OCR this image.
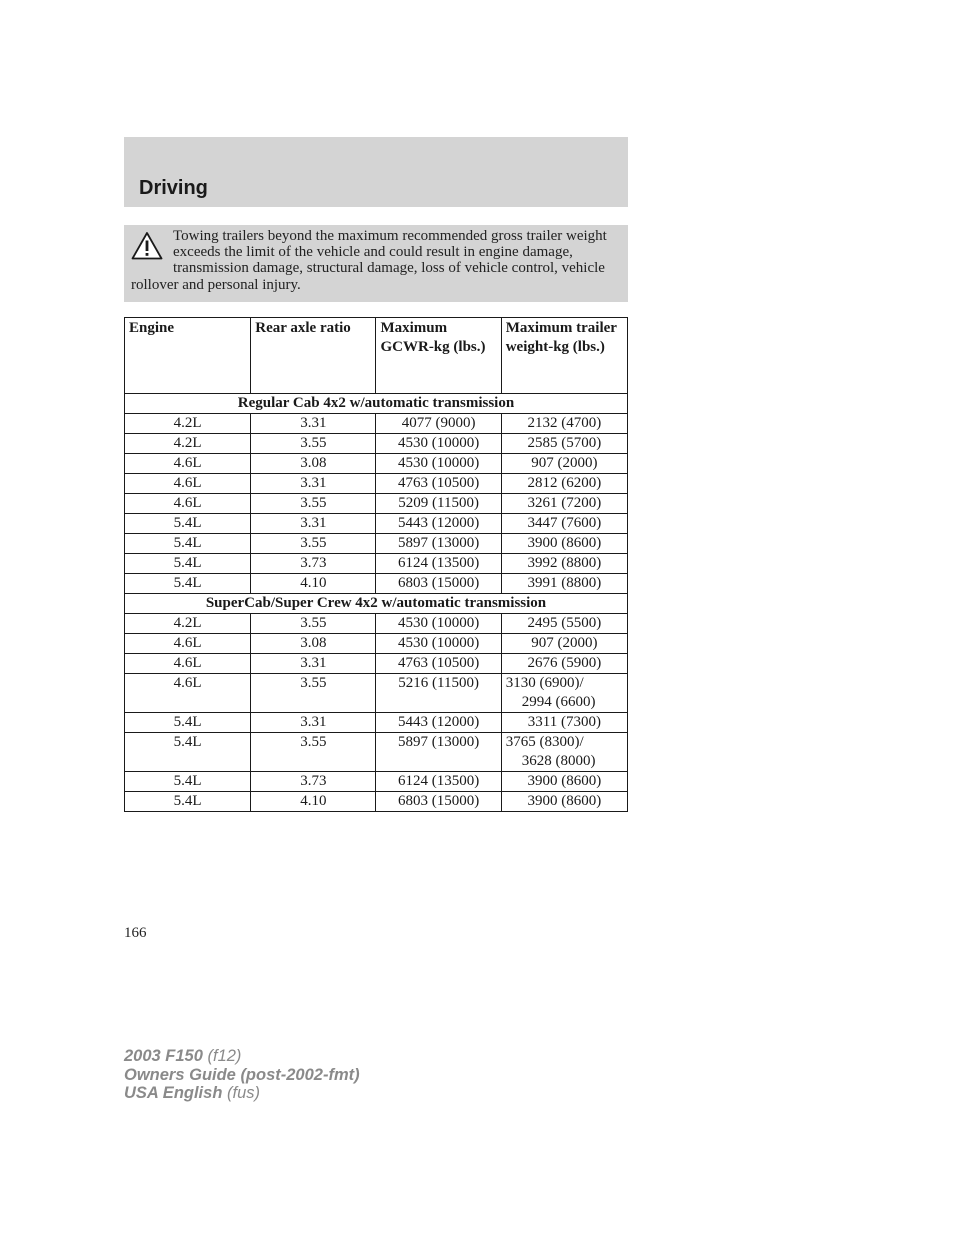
Driving
Towing trailers beyond the maximum recommended gross trailer weight exceeds the limit of the vehicle and could result in engine damage, transmission damage, structural damage, loss of vehicle control, vehicle rollover and personal injury.
Engine	Rear axle ratio	Maximum GCWR-kg (lbs.)	Maximum trailer weight-kg (lbs.)
Regular Cab 4x2 w/automatic transmission			
4.2L	3.31	4077 (9000)	2132 (4700)
4.2L	3.55	4530 (10000)	2585 (5700)
4.6L	3.08	4530 (10000)	907 (2000)
4.6L	3.31	4763 (10500)	2812 (6200)
4.6L	3.55	5209 (11500)	3261 (7200)
5.4L	3.31	5443 (12000)	3447 (7600)
5.4L	3.55	5897 (13000)	3900 (8600)
5.4L	3.73	6124 (13500)	3992 (8800)
5.4L	4.10	6803 (15000)	3991 (8800)
SuperCab/Super Crew 4x2 w/automatic transmission			
4.2L	3.55	4530 (10000)	2495 (5500)
4.6L	3.08	4530 (10000)	907 (2000)
4.6L	3.31	4763 (10500)	2676 (5900)
4.6L	3.55	5216 (11500)	3130 (6900)/
2994 (6600)

5.4L	3.31	5443 (12000)	3311 (7300)
5.4L	3.55	5897 (13000)	3765 (8300)/
3628 (8000)

5.4L	3.73	6124 (13500)	3900 (8600)
5.4L	4.10	6803 (15000)	3900 (8600)
166
2003 F150 (f12)
Owners Guide (post-2002-fmt)
USA English (fus)
